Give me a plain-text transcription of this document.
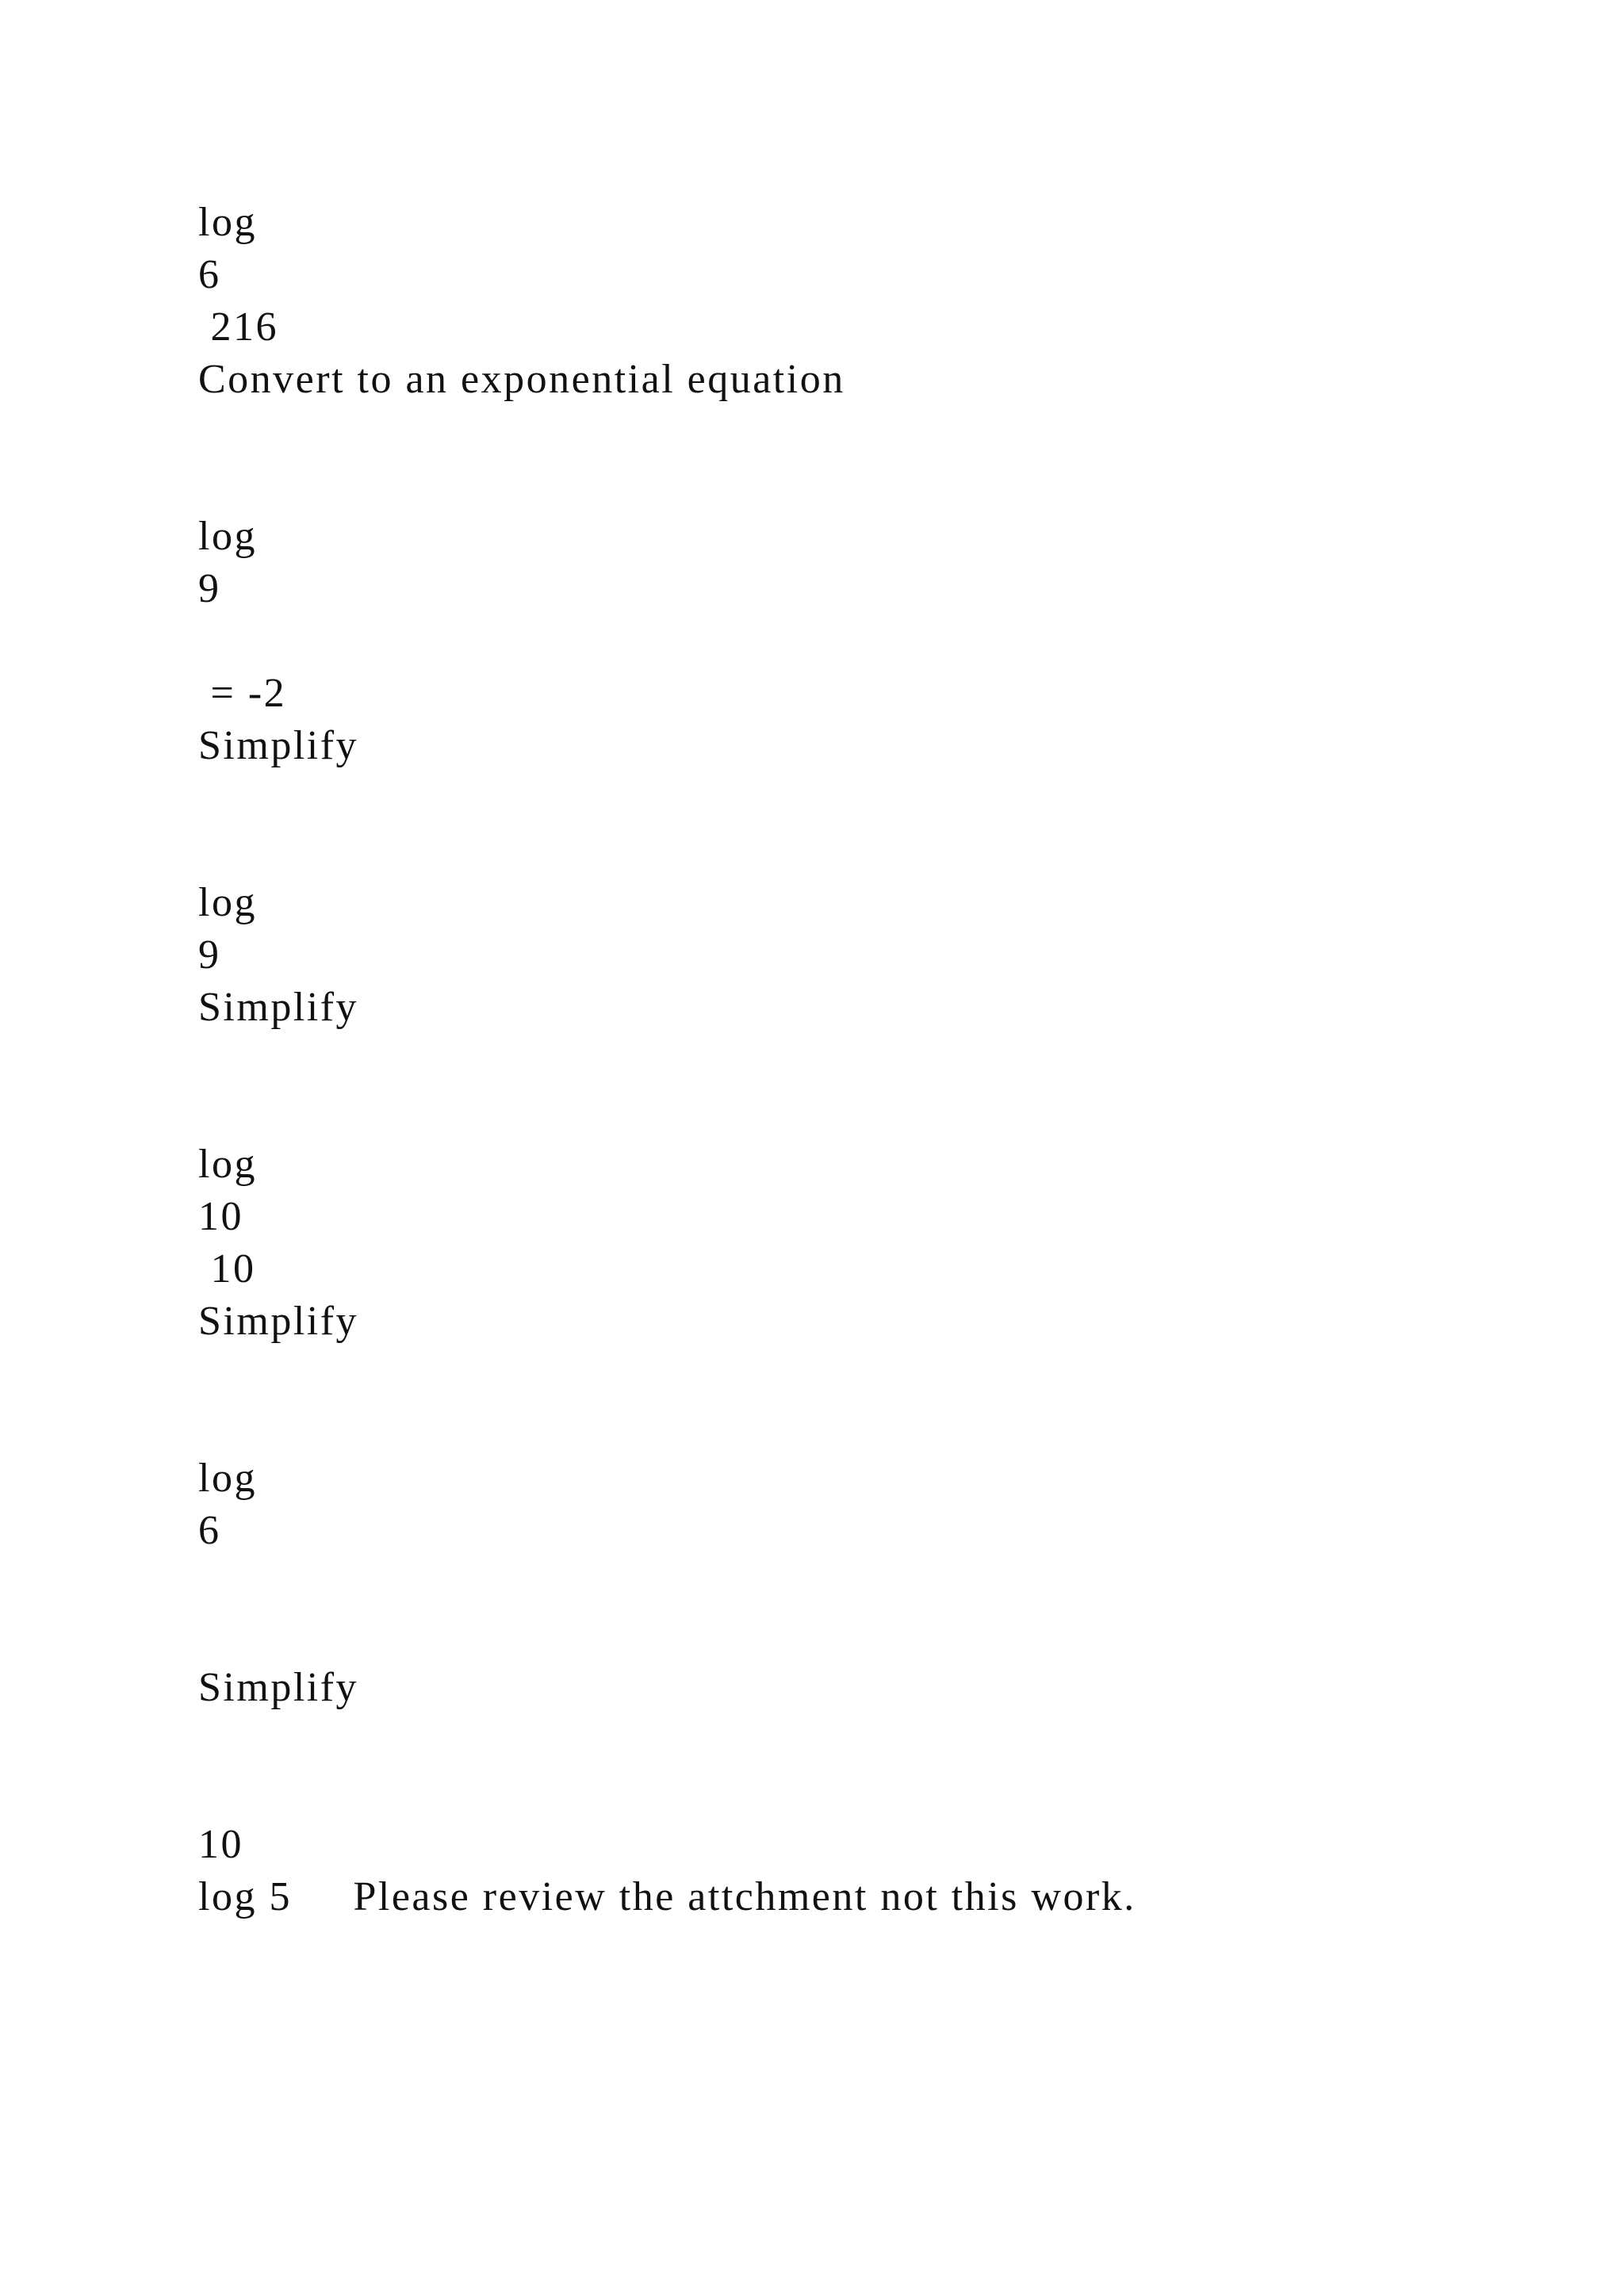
log
6
216
Convert to an exponential equation
log
9
= -2
Simplify
log
9
Simplify
log
10
10
Simplify
log
6
Simplify
10
log 5     Please review the attchment not this work.
